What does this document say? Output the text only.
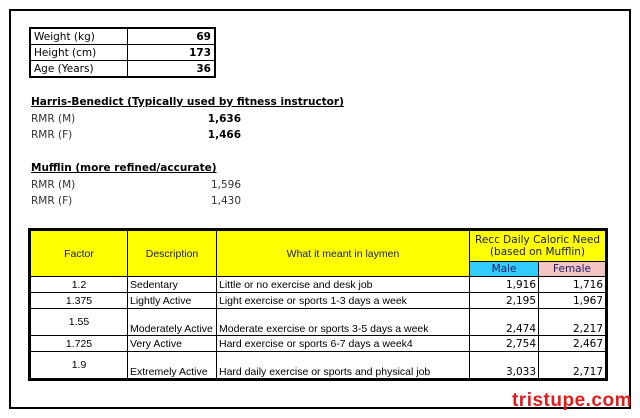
Weight (kg)	69
Height (cm)	173
Age (Years)	36
Harris-Benedict (Typically used by fitness instructor)
RMR (M)	1,636
RMR (F)	1,466
Mufflin (more refined/accurate)
RMR (M)	1,596
RMR (F)	1,430
Factor	Description	What it meant in laymen	Recc Daily Caloric Need (based on Mufflin)	
			Male	Female
1.2	Sedentary	Little or no exercise and desk job	1,916	1,716
1.375	Lightly Active	Light exercise or sports 1-3 days a week	2,195	1,967
1.55	Moderately Active	Moderate exercise or sports 3-5 days a week	2,474	2,217
1.725	Very Active	Hard exercise or sports 6-7 days a week4	2,754	2,467
1.9	Extremely Active	Hard daily exercise or sports and physical job	3,033	2,717
tristupe.com
